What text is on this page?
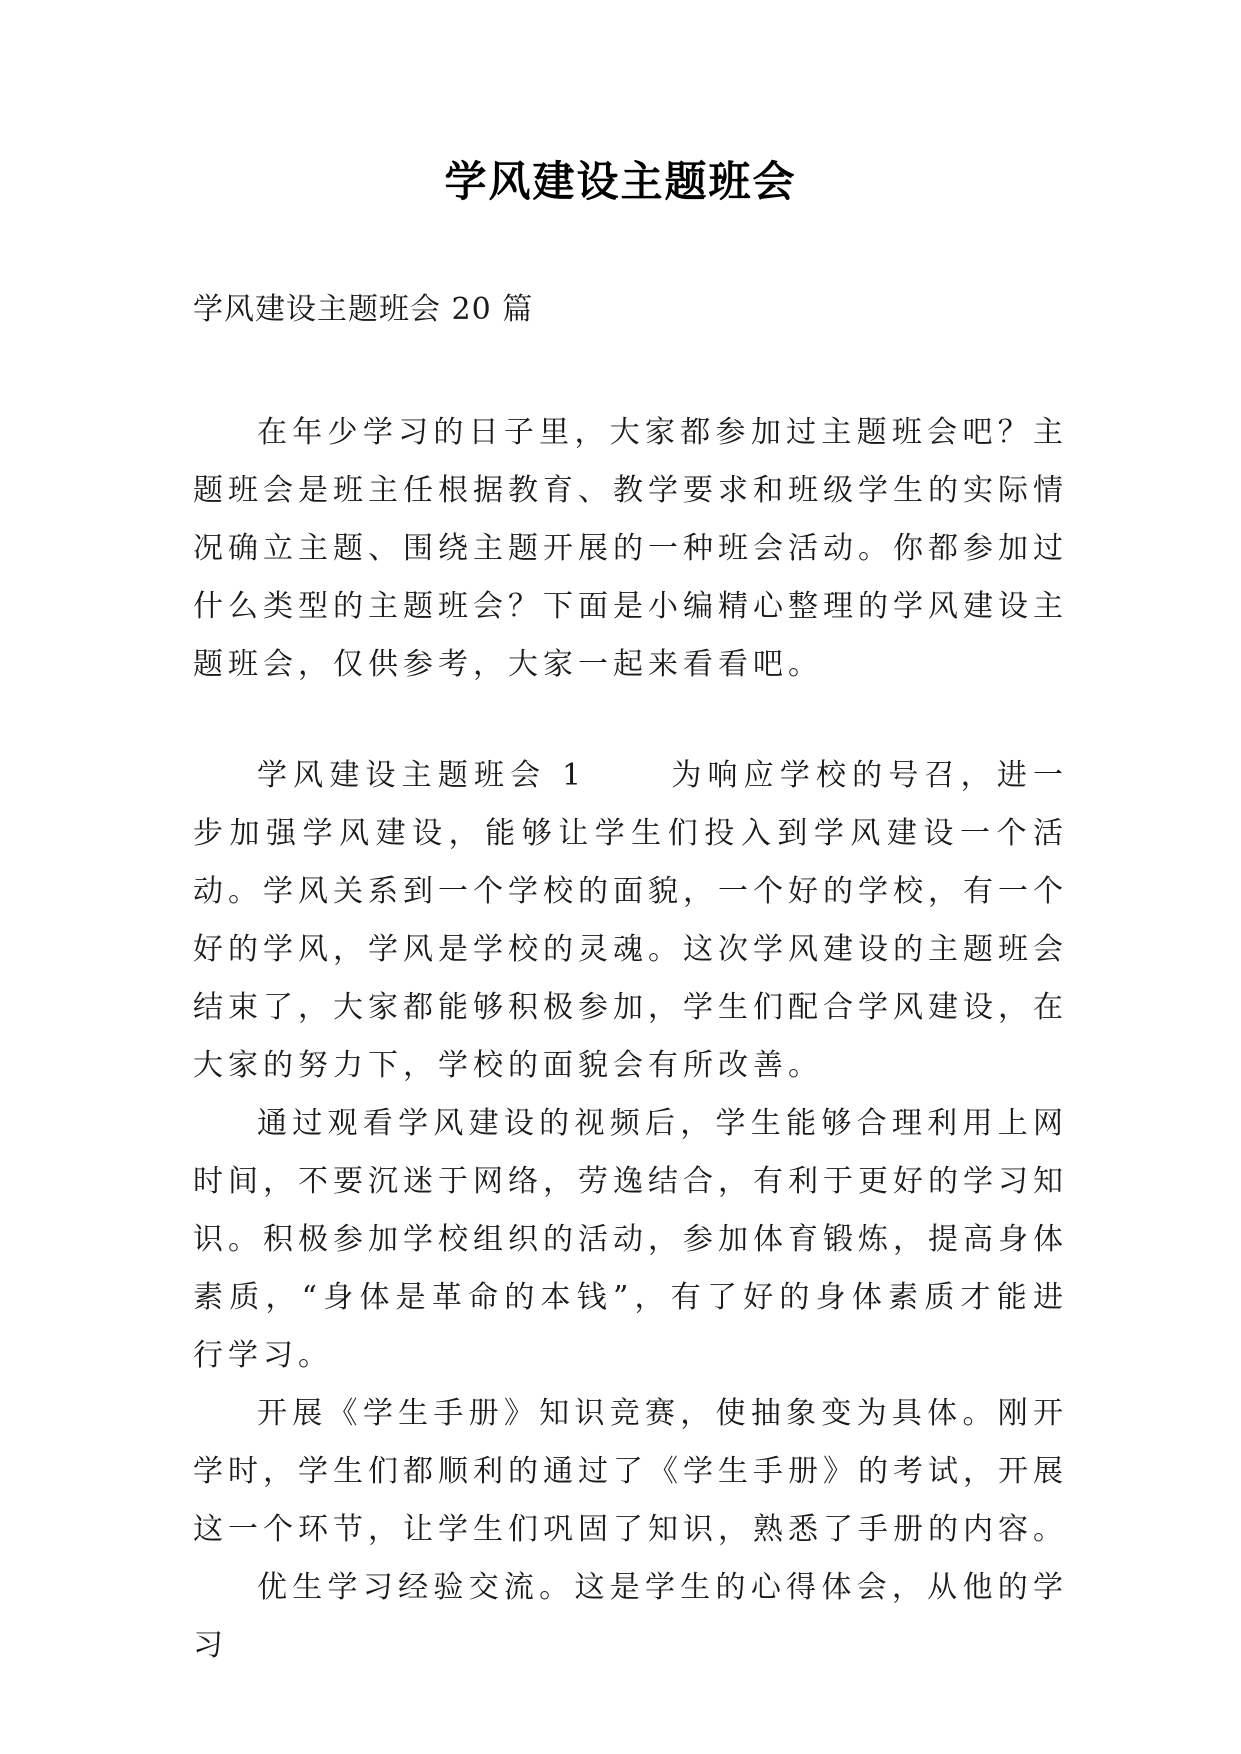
学风建设主题班会
学风建设主题班会 20 篇

在年少学习的日子里，大家都参加过主题班会吧？主题班会是班主任根据教育、教学要求和班级学生的实际情况确立主题、围绕主题开展的一种班会活动。你都参加过什么类型的主题班会？下面是小编精心整理的学风建设主题班会，仅供参考，大家一起来看看吧。

学风建设主题班会 1	为响应学校的号召，进一步加强学风建设，能够让学生们投入到学风建设一个活动。学风关系到一个学校的面貌，一个好的学校，有一个好的学风，学风是学校的灵魂。这次学风建设的主题班会结束了，大家都能够积极参加，学生们配合学风建设，在大家的努力下，学校的面貌会有所改善。

通过观看学风建设的视频后，学生能够合理利用上网时间，不要沉迷于网络，劳逸结合，有利于更好的学习知识。积极参加学校组织的活动，参加体育锻炼，提高身体素质，“身体是革命的本钱”，有了好的身体素质才能进行学习。

开展《学生手册》知识竞赛，使抽象变为具体。刚开学时，学生们都顺利的通过了《学生手册》的考试，开展这一个环节，让学生们巩固了知识，熟悉了手册的内容。

优生学习经验交流。这是学生的心得体会，从他的学习
